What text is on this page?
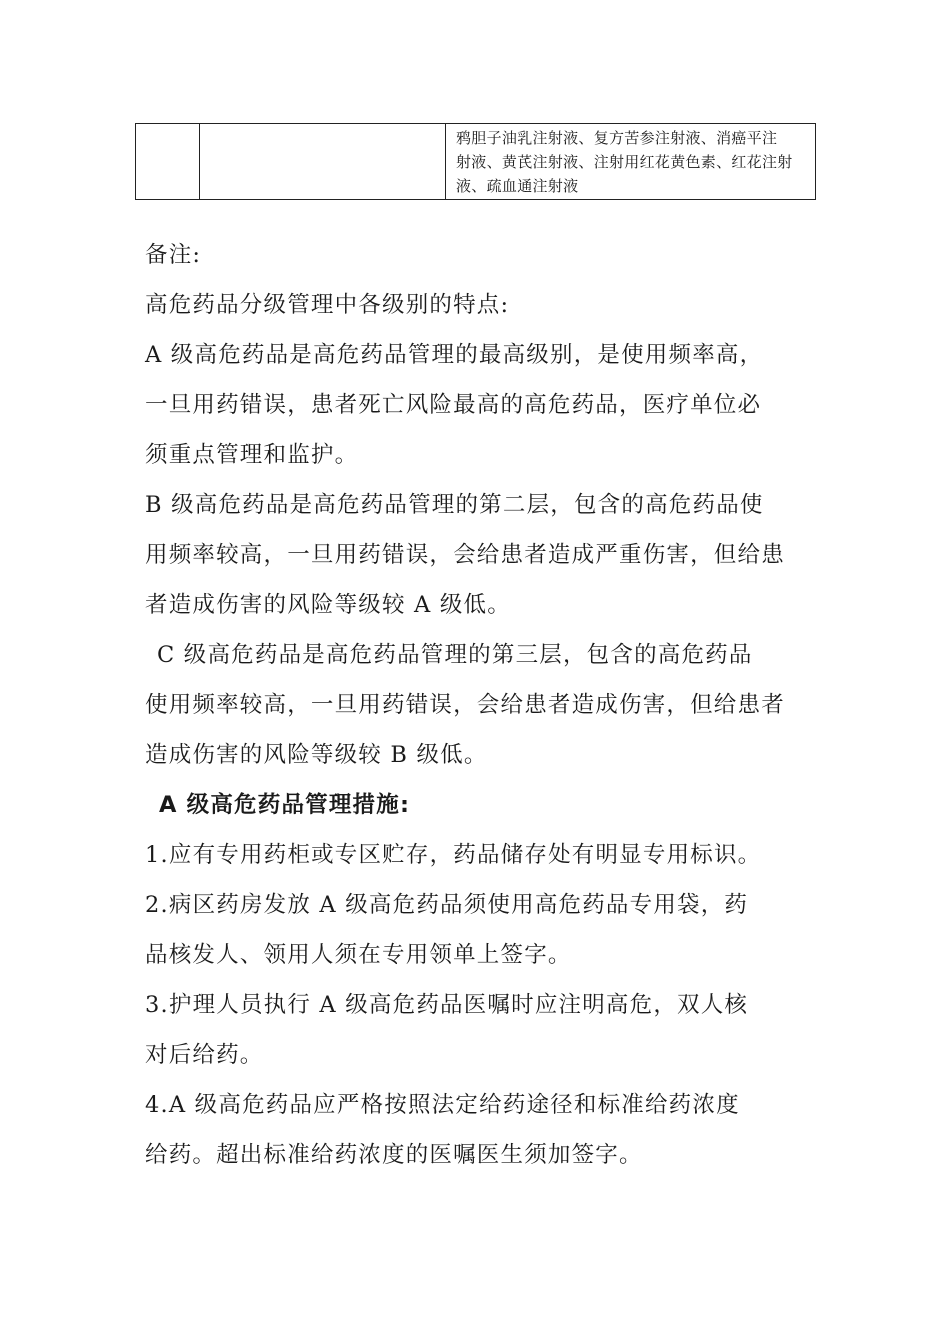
鸦胆子油乳注射液、复方苦参注射液、消癌平注
射液、黄芪注射液、注射用红花黄色素、红花注射
液、疏血通注射液
备注:
高危药品分级管理中各级别的特点:
A 级高危药品是高危药品管理的最高级别，是使用频率高，
一旦用药错误，患者死亡风险最高的高危药品，医疗单位必
须重点管理和监护。
B 级高危药品是高危药品管理的第二层，包含的高危药品使
用频率较高，一旦用药错误，会给患者造成严重伤害，但给患
者造成伤害的风险等级较 A 级低。
C 级高危药品是高危药品管理的第三层，包含的高危药品
使用频率较高，一旦用药错误，会给患者造成伤害，但给患者
造成伤害的风险等级较 B 级低。
A 级高危药品管理措施:
1.应有专用药柜或专区贮存，药品储存处有明显专用标识。
2.病区药房发放 A 级高危药品须使用高危药品专用袋，药
品核发人、领用人须在专用领单上签字。
3.护理人员执行 A 级高危药品医嘱时应注明高危，双人核
对后给药。
4.A 级高危药品应严格按照法定给药途径和标准给药浓度
给药。超出标准给药浓度的医嘱医生须加签字。
